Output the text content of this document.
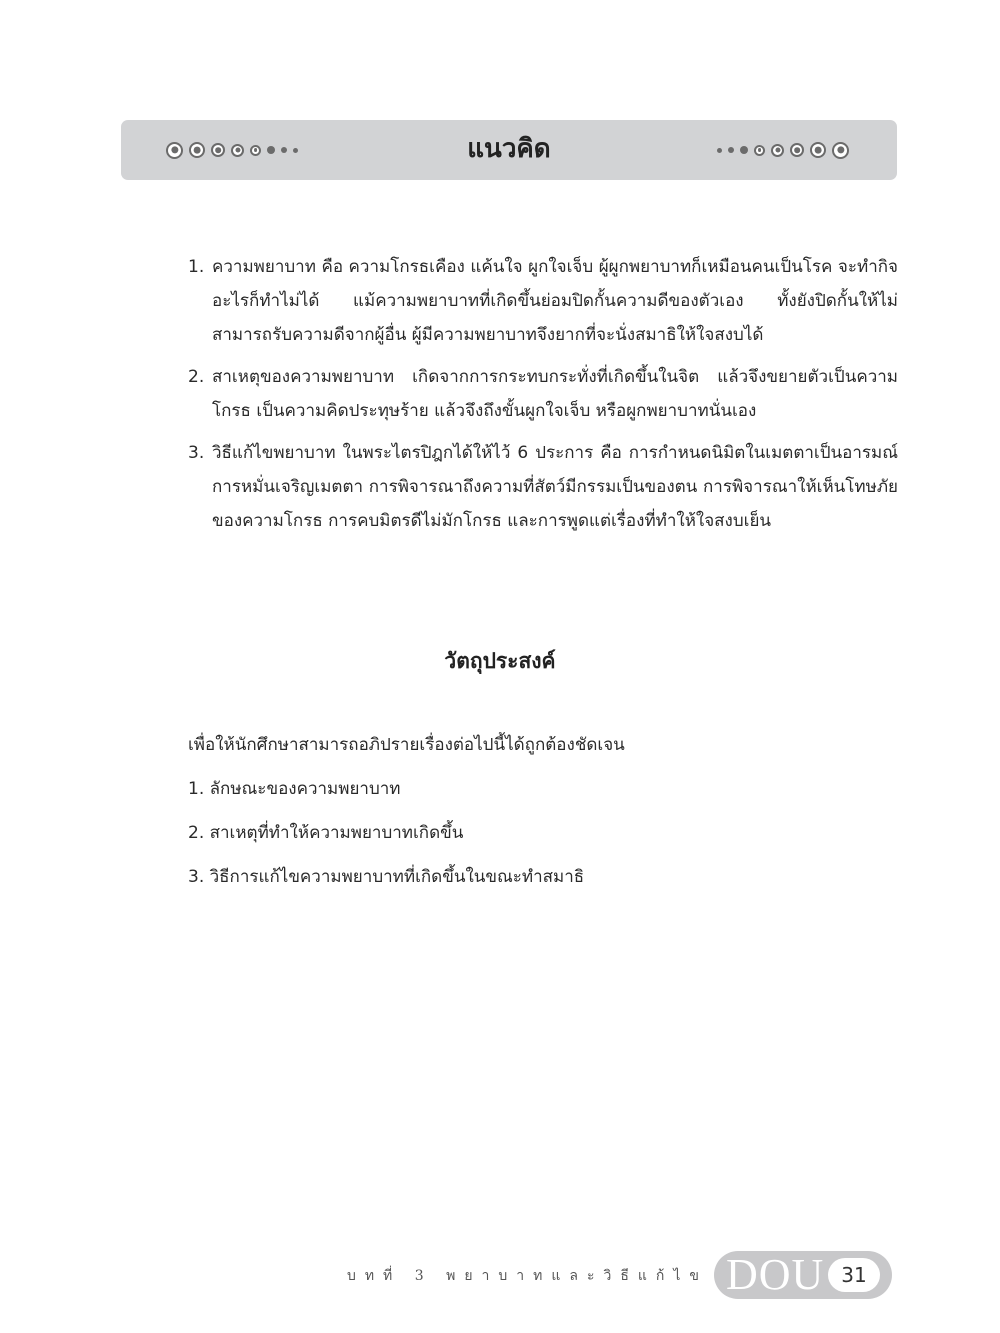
แนวคิด
1. ความพยาบาท คือ ความโกรธเคือง แค้นใจ ผูกใจเจ็บ ผู้ผูกพยาบาทก็เหมือนคนเป็นโรค จะทำกิจอะไรก็ทำไม่ได้ แม้ความพยาบาทที่เกิดขึ้นย่อมปิดกั้นความดีของตัวเอง ทั้งยังปิดกั้นให้ไม่สามารถรับความดีจากผู้อื่น ผู้มีความพยาบาทจึงยากที่จะนั่งสมาธิให้ใจสงบได้
2. สาเหตุของความพยาบาท เกิดจากการกระทบกระทั่งที่เกิดขึ้นในจิต แล้วจึงขยายตัวเป็นความโกรธ เป็นความคิดประทุษร้าย แล้วจึงถึงขั้นผูกใจเจ็บ หรือผูกพยาบาทนั่นเอง
3. วิธีแก้ไขพยาบาท ในพระไตรปิฎกได้ให้ไว้ 6 ประการ คือ การกำหนดนิมิตในเมตตาเป็นอารมณ์ การหมั่นเจริญเมตตา การพิจารณาถึงความที่สัตว์มีกรรมเป็นของตน การพิจารณาให้เห็นโทษภัยของความโกรธ การคบมิตรดีไม่มักโกรธ และการพูดแต่เรื่องที่ทำให้ใจสงบเย็น
วัตถุประสงค์
เพื่อให้นักศึกษาสามารถอภิปรายเรื่องต่อไปนี้ได้ถูกต้องชัดเจน
1. ลักษณะของความพยาบาท
2. สาเหตุที่ทำให้ความพยาบาทเกิดขึ้น
3. วิธีการแก้ไขความพยาบาทที่เกิดขึ้นในขณะทำสมาธิ
บทที่ 3 พยาบาทและวิธีแก้ไข DOU 31
